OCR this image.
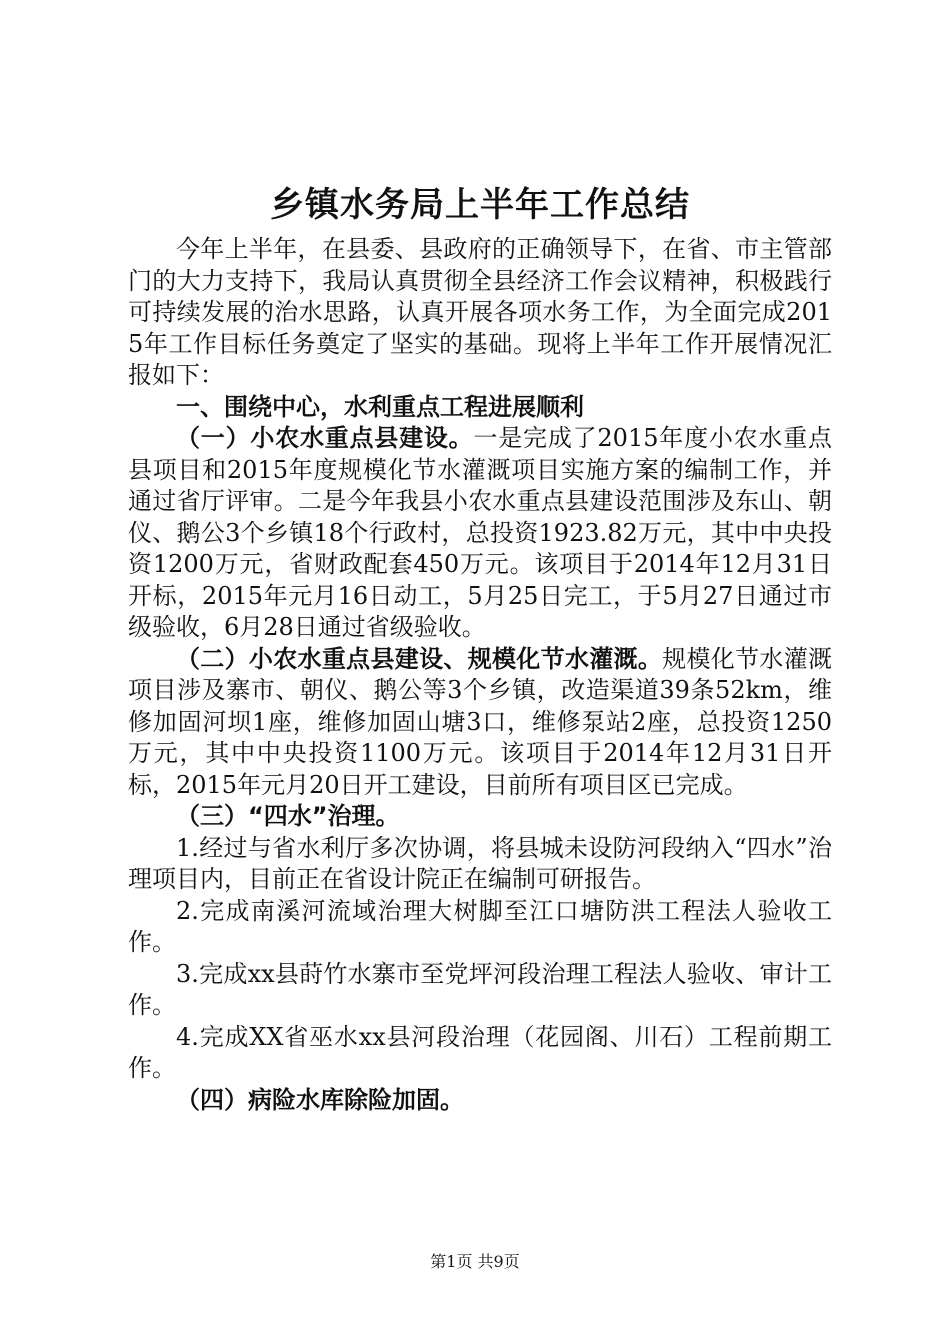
乡镇水务局上半年工作总结

今年上半年，在县委、县政府的正确领导下，在省、市主管部门的大力支持下，我局认真贯彻全县经济工作会议精神，积极践行可持续发展的治水思路，认真开展各项水务工作，为全面完成2015年工作目标任务奠定了坚实的基础。现将上半年工作开展情况汇报如下：

一、围绕中心，水利重点工程进展顺利

（一）小农水重点县建设。一是完成了2015年度小农水重点县项目和2015年度规模化节水灌溉项目实施方案的编制工作，并通过省厅评审。二是今年我县小农水重点县建设范围涉及东山、朝仪、鹅公3个乡镇18个行政村，总投资1923.82万元，其中中央投资1200万元，省财政配套450万元。该项目于2014年12月31日开标，2015年元月16日动工，5月25日完工，于5月27日通过市级验收，6月28日通过省级验收。

（二）小农水重点县建设、规模化节水灌溉。规模化节水灌溉项目涉及寨市、朝仪、鹅公等3个乡镇，改造渠道39条52km，维修加固河坝1座，维修加固山塘3口，维修泵站2座，总投资1250万元，其中中央投资1100万元。该项目于2014年12月31日开标，2015年元月20日开工建设，目前所有项目区已完成。

（三）“四水”治理。

1.经过与省水利厅多次协调，将县城未设防河段纳入“四水”治理项目内，目前正在省设计院正在编制可研报告。

2.完成南溪河流域治理大树脚至江口塘防洪工程法人验收工作。

3.完成xx县莳竹水寨市至党坪河段治理工程法人验收、审计工作。

4.完成XX省巫水xx县河段治理（花园阁、川石）工程前期工作。

（四）病险水库除险加固。

第1页 共9页
